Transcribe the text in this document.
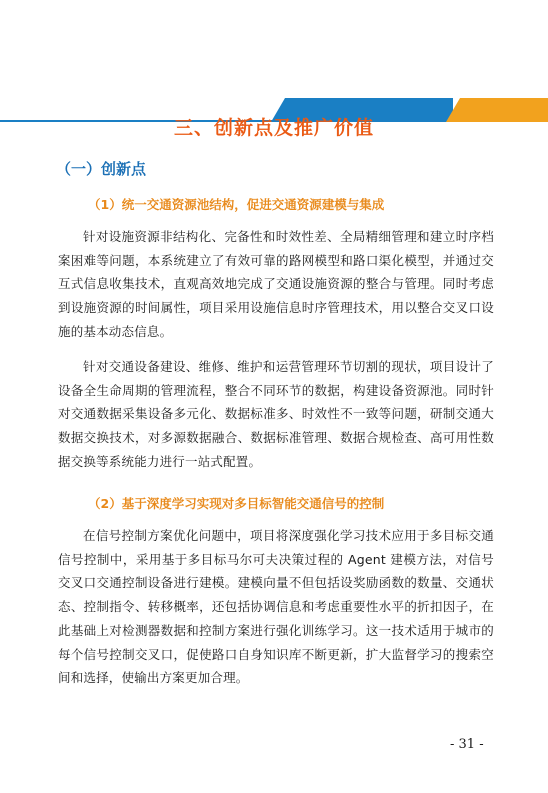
物联网示范项目优秀案例集
三、创新点及推广价值
（一）创新点
（1）统一交通资源池结构，促进交通资源建模与集成
针对设施资源非结构化、完备性和时效性差、全局精细管理和建立时序档案困难等问题，本系统建立了有效可靠的路网模型和路口渠化模型，并通过交互式信息收集技术，直观高效地完成了交通设施资源的整合与管理。同时考虑到设施资源的时间属性，项目采用设施信息时序管理技术，用以整合交叉口设施的基本动态信息。
针对交通设备建设、维修、维护和运营管理环节切割的现状，项目设计了设备全生命周期的管理流程，整合不同环节的数据，构建设备资源池。同时针对交通数据采集设备多元化、数据标准多、时效性不一致等问题，研制交通大数据交换技术，对多源数据融合、数据标准管理、数据合规检查、高可用性数据交换等系统能力进行一站式配置。
（2）基于深度学习实现对多目标智能交通信号的控制
在信号控制方案优化问题中，项目将深度强化学习技术应用于多目标交通信号控制中，采用基于多目标马尔可夫决策过程的 Agent 建模方法，对信号交叉口交通控制设备进行建模。建模向量不但包括设奖励函数的数量、交通状态、控制指令、转移概率，还包括协调信息和考虑重要性水平的折扣因子，在此基础上对检测器数据和控制方案进行强化训练学习。这一技术适用于城市的每个信号控制交叉口，促使路口自身知识库不断更新，扩大监督学习的搜索空间和选择，使输出方案更加合理。
- 31 -
